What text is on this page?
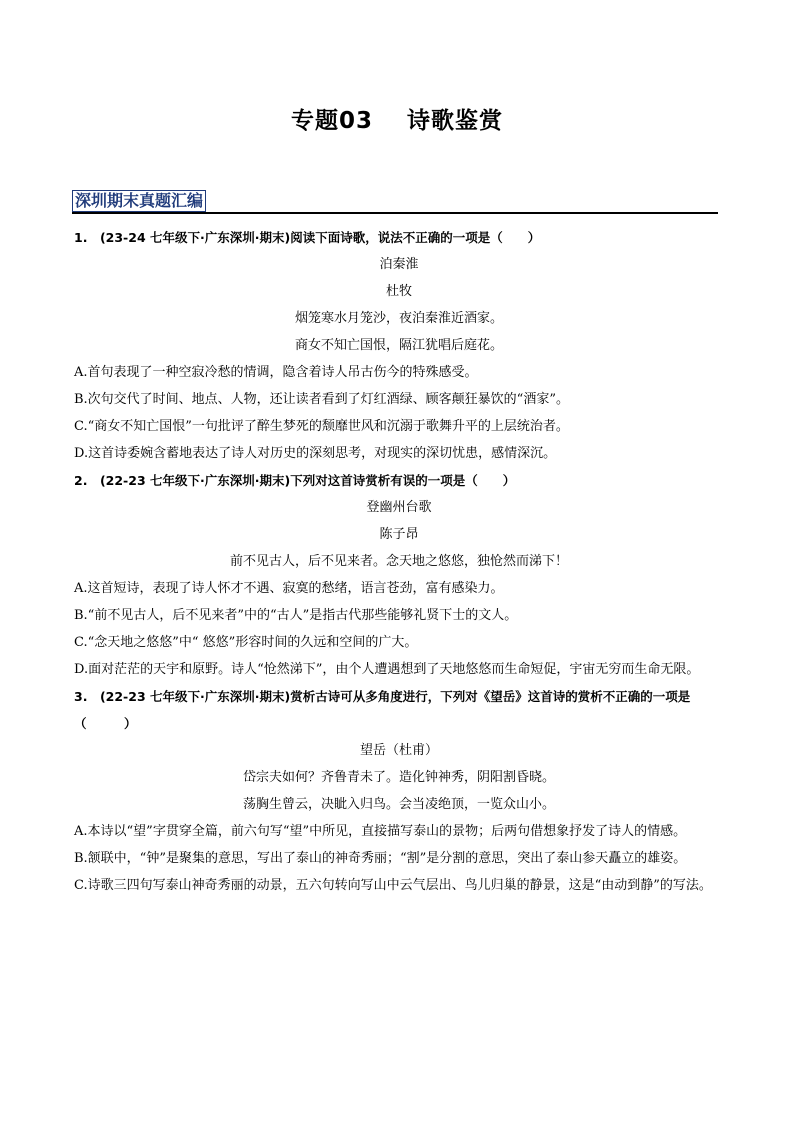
专题03 诗歌鉴赏
深圳期末真题汇编
1.　(23-24 七年级下·广东深圳·期末)阅读下面诗歌，说法不正确的一项是（　　）
泊秦淮
杜牧
烟笼寒水月笼沙，夜泊秦淮近酒家。
商女不知亡国恨，隔江犹唱后庭花。
A.首句表现了一种空寂冷愁的情调，隐含着诗人吊古伤今的特殊感受。
B.次句交代了时间、地点、人物，还让读者看到了灯红酒绿、顾客颠狂暴饮的“酒家”。
C.“商女不知亡国恨”一句批评了醉生梦死的颓靡世风和沉溺于歌舞升平的上层统治者。
D.这首诗委婉含蓄地表达了诗人对历史的深刻思考，对现实的深切忧患，感情深沉。
2.　(22-23 七年级下·广东深圳·期末)下列对这首诗赏析有误的一项是（　　）
登幽州台歌
陈子昂
前不见古人，后不见来者。念天地之悠悠，独怆然而涕下！
A.这首短诗，表现了诗人怀才不遇、寂寞的愁绪，语言苍劲，富有感染力。
B.“前不见古人，后不见来者”中的“古人”是指古代那些能够礼贤下士的文人。
C.“念天地之悠悠”中“ 悠悠”形容时间的久远和空间的广大。
D.面对茫茫的天宇和原野。诗人“怆然涕下”，由个人遭遇想到了天地悠悠而生命短促，宇宙无穷而生命无限。
3.　(22-23 七年级下·广东深圳·期末)赏析古诗可从多角度进行，下列对《望岳》这首诗的赏析不正确的一项是（　　　）
望岳（杜甫）
岱宗夫如何？齐鲁青未了。造化钟神秀，阴阳割昏晓。
荡胸生曾云，决眦入归鸟。会当凌绝顶，一览众山小。
A.本诗以“望”字贯穿全篇，前六句写“望”中所见，直接描写泰山的景物；后两句借想象抒发了诗人的情感。
B.颔联中，“钟”是聚集的意思，写出了泰山的神奇秀丽；“割”是分割的意思，突出了泰山参天矗立的雄姿。
C.诗歌三四句写泰山神奇秀丽的动景，五六句转向写山中云气层出、鸟儿归巢的静景，这是“由动到静”的写法。
